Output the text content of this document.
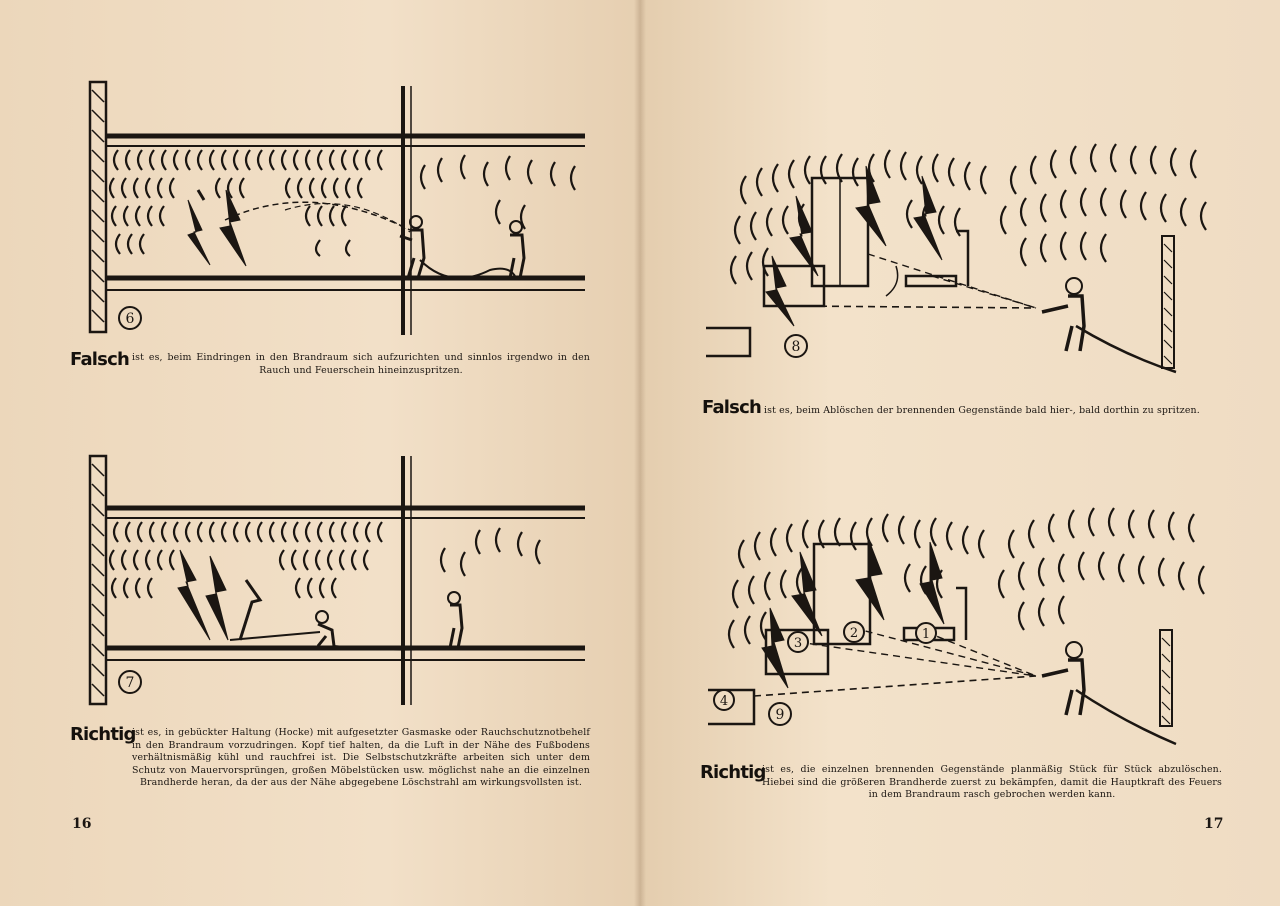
6
Falsch ist es, beim Eindringen in den Brandraum sich aufzurichten und sinnlos irgendwo in den Rauch und Feuerschein hineinzuspritzen.
7
Richtig
ist es, in gebückter Haltung (Hocke) mit aufgesetzter Gasmaske oder Rauchschutznotbehelf in den Brandraum vorzudringen. Kopf tief halten, da die Luft in der Nähe des Fußbodens verhältnismäßig kühl und rauchfrei ist. Die Selbstschutzkräfte arbeiten sich unter dem Schutz von Mauervorsprüngen, großen Möbelstücken usw. möglichst nahe an die einzelnen Brandherde heran, da der aus der Nähe abgegebene Löschstrahl am wirkungsvollsten ist.
16
8
Falsch ist es, beim Ablöschen der brennenden Gegenstände bald hier-, bald dorthin zu spritzen.
1
2
3
4
9
Richtig
ist es, die einzelnen brennenden Gegenstände planmäßig Stück für Stück abzulöschen. Hiebei sind die größeren Brandherde zuerst zu bekämpfen, damit die Hauptkraft des Feuers in dem Brandraum rasch gebrochen werden kann.
17
